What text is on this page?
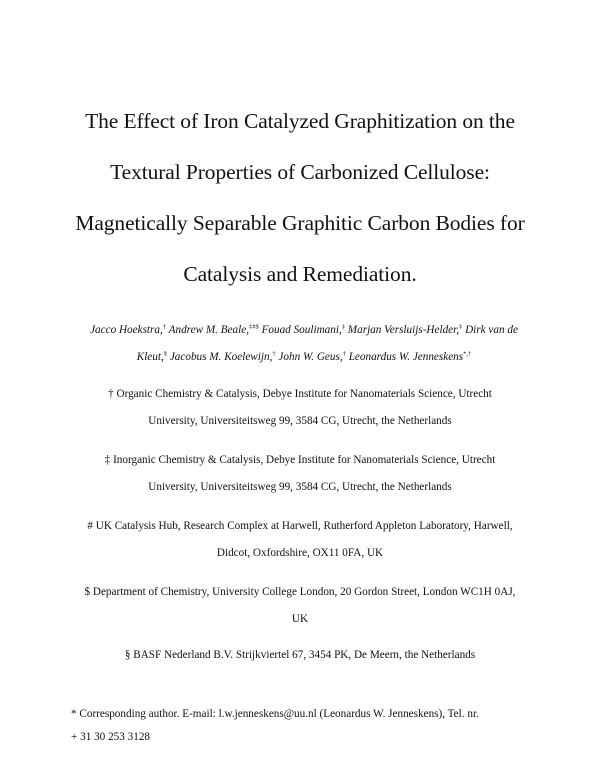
The Effect of Iron Catalyzed Graphitization on the
Textural Properties of Carbonized Cellulose:
Magnetically Separable Graphitic Carbon Bodies for
Catalysis and Remediation.
Jacco Hoekstra,† Andrew M. Beale,‡#$ Fouad Soulimani,‡ Marjan Versluijs-Helder,‡ Dirk van de
Kleut,§ Jacobus M. Koelewijn,† John W. Geus,† Leonardus W. Jenneskens*,†
† Organic Chemistry & Catalysis, Debye Institute for Nanomaterials Science, Utrecht
University, Universiteitsweg 99, 3584 CG, Utrecht, the Netherlands
‡ Inorganic Chemistry & Catalysis, Debye Institute for Nanomaterials Science, Utrecht
University, Universiteitsweg 99, 3584 CG, Utrecht, the Netherlands
# UK Catalysis Hub, Research Complex at Harwell, Rutherford Appleton Laboratory, Harwell,
Didcot, Oxfordshire, OX11 0FA, UK
$ Department of Chemistry, University College London, 20 Gordon Street, London WC1H 0AJ,
UK
§ BASF Nederland B.V. Strijkviertel 67, 3454 PK, De Meern, the Netherlands
* Corresponding author. E-mail: l.w.jenneskens@uu.nl (Leonardus W. Jenneskens), Tel. nr.
+ 31 30 253 3128
